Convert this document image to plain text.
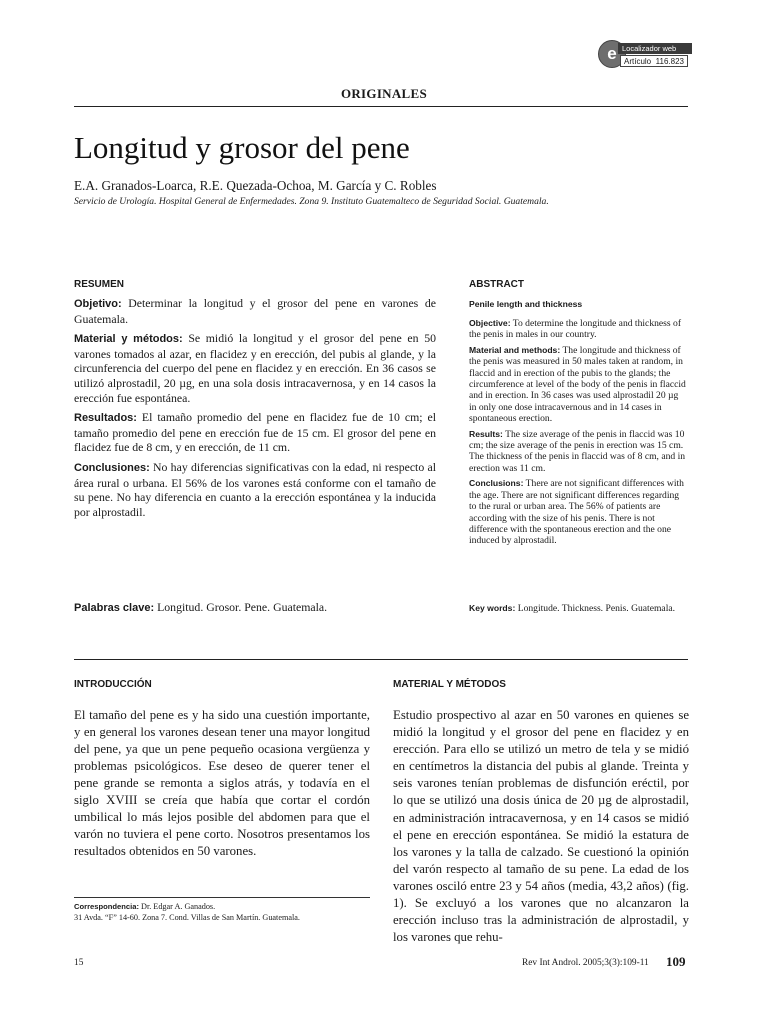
e Localizador web
Artículo 116.823
ORIGINALES
Longitud y grosor del pene
E.A. Granados-Loarca, R.E. Quezada-Ochoa, M. García y C. Robles
Servicio de Urología. Hospital General de Enfermedades. Zona 9. Instituto Guatemalteco de Seguridad Social. Guatemala.
RESUMEN

Objetivo: Determinar la longitud y el grosor del pene en varones de Guatemala.

Material y métodos: Se midió la longitud y el grosor del pene en 50 varones tomados al azar, en flacidez y en erección, del pubis al glande, y la circunferencia del cuerpo del pene en flacidez y en erección. En 36 casos se utilizó alprostadil, 20 µg, en una sola dosis intracavernosa, y en 14 casos la erección fue espontánea.

Resultados: El tamaño promedio del pene en flacidez fue de 10 cm; el tamaño promedio del pene en erección fue de 15 cm. El grosor del pene en flacidez fue de 8 cm, y en erección, de 11 cm.

Conclusiones: No hay diferencias significativas con la edad, ni respecto al área rural o urbana. El 56% de los varones está conforme con el tamaño de su pene. No hay diferencia en cuanto a la erección espontánea y la inducida por alprostadil.

Palabras clave: Longitud. Grosor. Pene. Guatemala.
ABSTRACT
Penile length and thickness

Objective: To determine the longitude and thickness of the penis in males in our country.

Material and methods: The longitude and thickness of the penis was measured in 50 males taken at random, in flaccid and in erection of the pubis to the glands; the circumference at level of the body of the penis in flaccid and in erection. In 36 cases was used alprostadil 20 µg in only one dose intracavernous and in 14 cases in spontaneous erection.

Results: The size average of the penis in flaccid was 10 cm; the size average of the penis in erection was 15 cm. The thickness of the penis in flaccid was of 8 cm, and in erection was 11 cm.

Conclusions: There are not significant differences with the age. There are not significant differences regarding to the rural or urban area. The 56% of patients are according with the size of his penis. There is not difference with the spontaneous erection and the one induced by alprostadil.

Key words: Longitude. Thickness. Penis. Guatemala.
INTRODUCCIÓN

El tamaño del pene es y ha sido una cuestión importante, y en general los varones desean tener una mayor longitud del pene, ya que un pene pequeño ocasiona vergüenza y problemas psicológicos. Ese deseo de querer tener el pene grande se remonta a siglos atrás, y todavía en el siglo XVIII se creía que había que cortar el cordón umbilical lo más lejos posible del abdomen para que el varón no tuviera el pene corto. Nosotros presentamos los resultados obtenidos en 50 varones.

Correspondencia: Dr. Edgar A. Ganados.
31 Avda. “F” 14-60. Zona 7. Cond. Villas de San Martín. Guatemala.
MATERIAL Y MÉTODOS

Estudio prospectivo al azar en 50 varones en quienes se midió la longitud y el grosor del pene en flacidez y en erección. Para ello se utilizó un metro de tela y se midió en centímetros la distancia del pubis al glande. Treinta y seis varones tenían problemas de disfunción eréctil, por lo que se utilizó una dosis única de 20 µg de alprostadil, en administración intracavernosa, y en 14 casos se midió el pene en erección espontánea. Se midió la estatura de los varones y la talla de calzado. Se cuestionó la opinión del varón respecto al tamaño de su pene. La edad de los varones osciló entre 23 y 54 años (media, 43,2 años) (fig. 1). Se excluyó a los varones que no alcanzaron la erección incluso tras la administración de alprostadil, y los varones que rehu-

15	Rev Int Androl. 2005;3(3):109-11 109
